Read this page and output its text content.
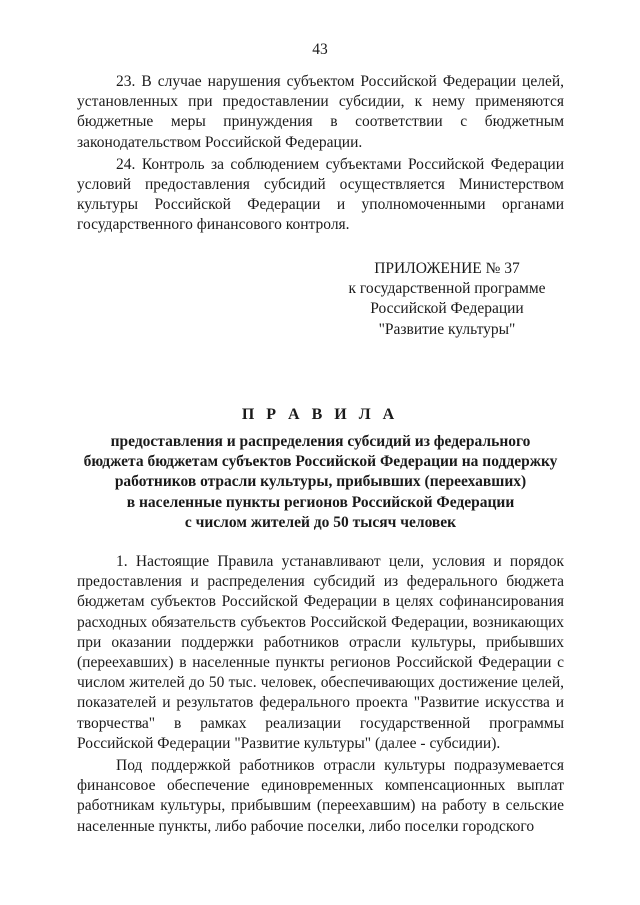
43

23. В случае нарушения субъектом Российской Федерации целей, установленных при предоставлении субсидии, к нему применяются бюджетные меры принуждения в соответствии с бюджетным законодательством Российской Федерации.

24. Контроль за соблюдением субъектами Российской Федерации условий предоставления субсидий осуществляется Министерством культуры Российской Федерации и уполномоченными органами государственного финансового контроля.

ПРИЛОЖЕНИЕ № 37
к государственной программе
Российской Федерации
"Развитие культуры"
П Р А В И Л А
предоставления и распределения субсидий из федерального
бюджета бюджетам субъектов Российской Федерации на поддержку
работников отрасли культуры, прибывших (переехавших)
в населенные пункты регионов Российской Федерации
с числом жителей до 50 тысяч человек

1. Настоящие Правила устанавливают цели, условия и порядок предоставления и распределения субсидий из федерального бюджета бюджетам субъектов Российской Федерации в целях софинансирования расходных обязательств субъектов Российской Федерации, возникающих при оказании поддержки работников отрасли культуры, прибывших (переехавших) в населенные пункты регионов Российской Федерации с числом жителей до 50 тыс. человек, обеспечивающих достижение целей, показателей и результатов федерального проекта "Развитие искусства и творчества" в рамках реализации государственной программы Российской Федерации "Развитие культуры" (далее - субсидии).

Под поддержкой работников отрасли культуры подразумевается финансовое обеспечение единовременных компенсационных выплат работникам культуры, прибывшим (переехавшим) на работу в сельские населенные пункты, либо рабочие поселки, либо поселки городского
